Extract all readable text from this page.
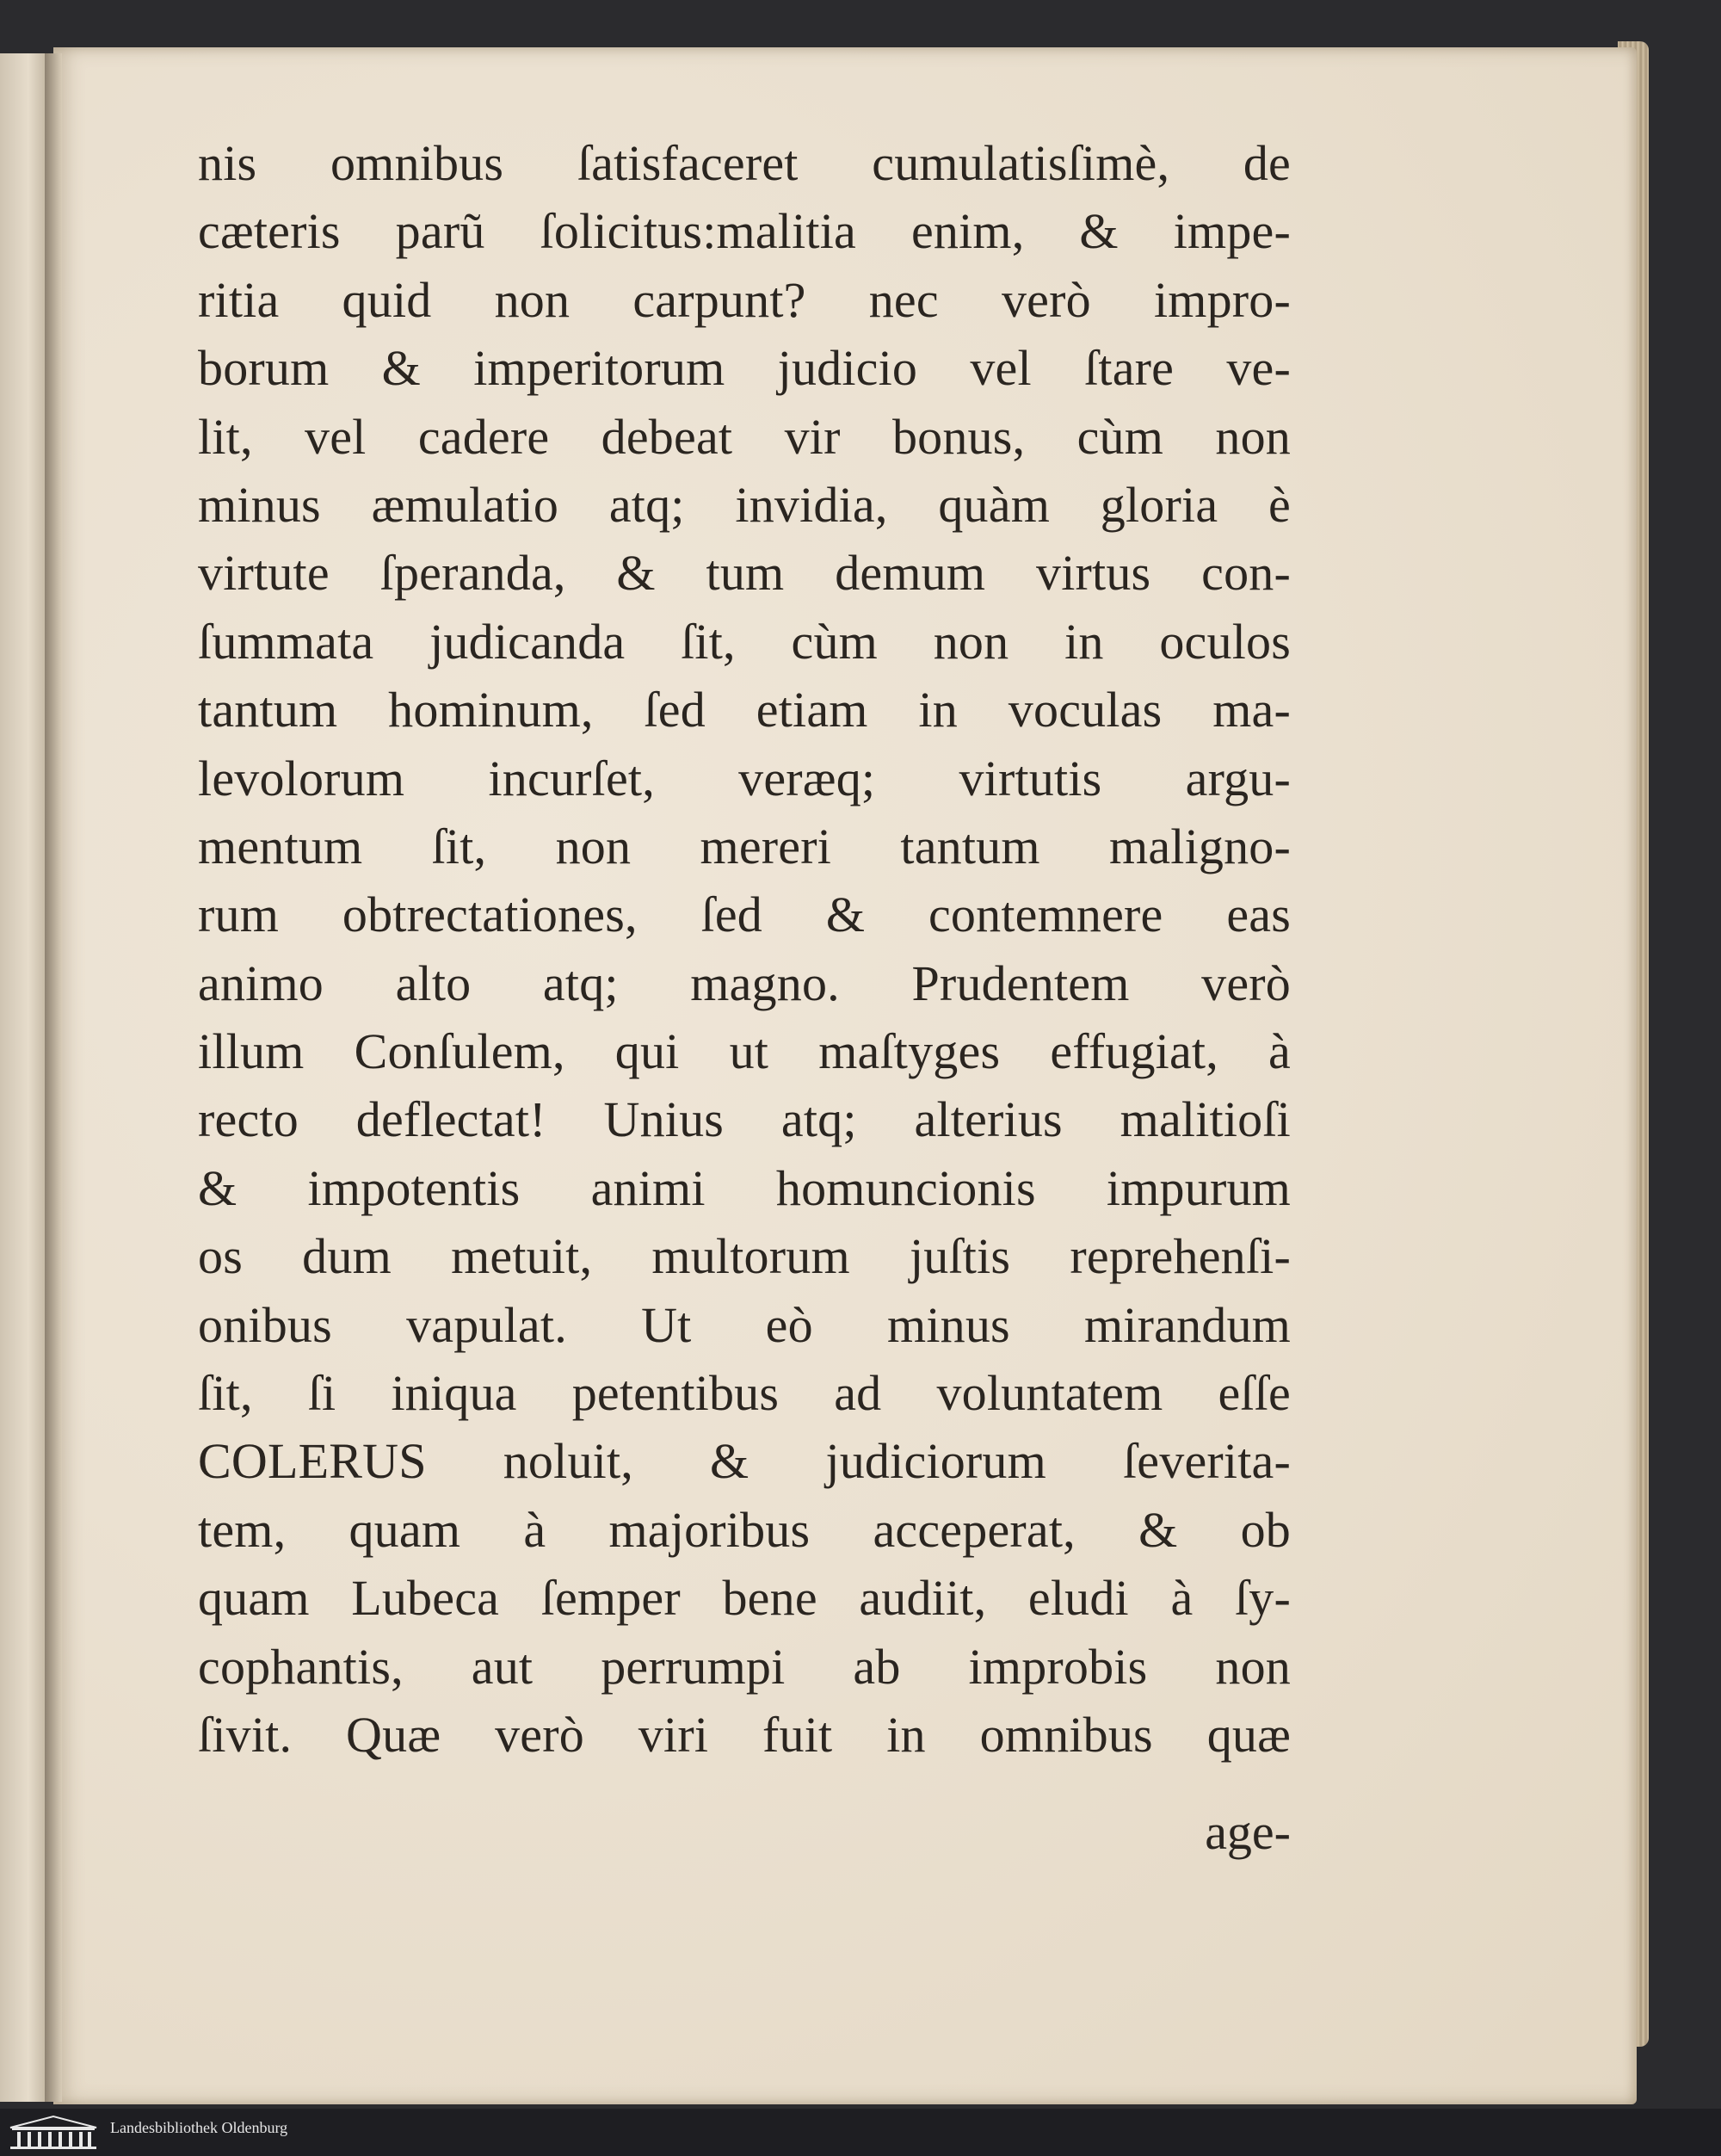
nis omnibus ſatisfaceret cumulatisſimè, de
cæteris parũ ſolicitus:malitia enim, & impe-
ritia quid non carpunt? nec verò impro-
borum & imperitorum judicio vel ſtare ve-
lit, vel cadere debeat vir bonus, cùm non
minus æmulatio atq; invidia, quàm gloria è
virtute ſperanda, & tum demum virtus con-
ſummata judicanda ſit, cùm non in oculos
tantum hominum, ſed etiam in voculas ma-
levolorum incurſet, veræq; virtutis argu-
mentum ſit, non mereri tantum maligno-
rum obtrectationes, ſed & contemnere eas
animo alto atq; magno. Prudentem verò
illum Conſulem, qui ut maſtyges effugiat, à
recto deflectat! Unius atq; alterius malitioſi
& impotentis animi homuncionis impurum
os dum metuit, multorum juſtis reprehenſi-
onibus vapulat. Ut eò minus mirandum
ſit, ſi iniqua petentibus ad voluntatem eſſe
COLERUS noluit, & judiciorum ſeverita-
tem, quam à majoribus acceperat, & ob
quam Lubeca ſemper bene audiit, eludi à ſy-
cophantis, aut perrumpi ab improbis non
ſivit. Quæ verò viri fuit in omnibus quæ
age-
Landesbibliothek Oldenburg
